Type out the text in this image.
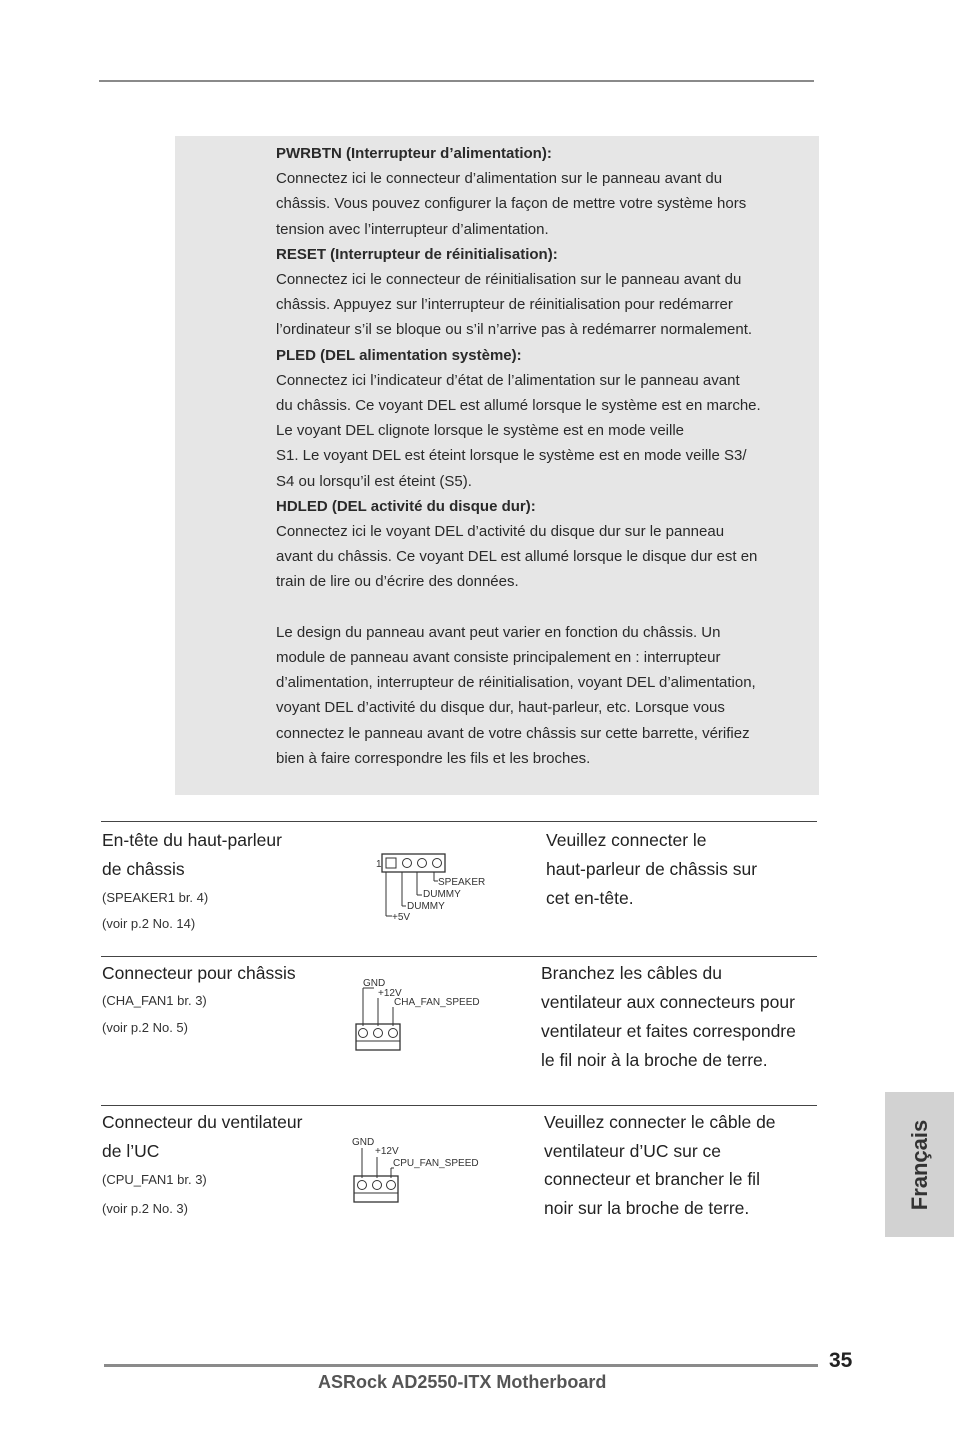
PWRBTN (Interrupteur d’alimentation):

Connectez ici le connecteur d’alimentation sur le panneau avant du

châssis. Vous pouvez configurer la façon de mettre votre système hors

tension avec l’interrupteur d’alimentation.

RESET (Interrupteur de réinitialisation):

Connectez ici le connecteur de réinitialisation sur le panneau avant du

châssis. Appuyez sur l’interrupteur de réinitialisation pour redémarrer

l’ordinateur s’il se bloque ou s’il n’arrive pas à redémarrer normalement.

PLED (DEL alimentation système):

Connectez ici l’indicateur d’état de l’alimentation sur le panneau avant

du châssis. Ce voyant DEL est allumé lorsque le système est en marche.

Le voyant DEL clignote lorsque le système est en mode veille

S1. Le voyant DEL est éteint lorsque le système est en mode veille S3/

S4 ou lorsqu’il est éteint (S5).

HDLED (DEL activité du disque dur):

Connectez ici le voyant DEL d’activité du disque dur sur le panneau

avant du châssis. Ce voyant DEL est allumé lorsque le disque dur est en

train de lire ou d’écrire des données.

Le design du panneau avant peut varier en fonction du châssis. Un

module de panneau avant consiste principalement en : interrupteur

d’alimentation, interrupteur de réinitialisation, voyant DEL d’alimentation,

voyant DEL d’activité du disque dur, haut-parleur, etc. Lorsque vous

connectez le panneau avant de votre châssis sur cette barrette, vérifiez

bien à faire correspondre les fils et les broches.

En-tête du haut-parleur
de châssis
(SPEAKER1 br. 4)
(voir p.2 No. 14)
1
SPEAKER
DUMMY
DUMMY
+5V
Veuillez connecter le
haut-parleur de châssis sur
cet en-tête.
Connecteur pour châssis
(CHA_FAN1 br. 3)
(voir p.2 No. 5)
GND
+12V
CHA_FAN_SPEED
Branchez les câbles du
ventilateur aux connecteurs pour
ventilateur et faites correspondre
le fil noir à la broche de terre.
Connecteur du ventilateur
de l’UC
(CPU_FAN1 br. 3)
(voir p.2 No. 3)
GND
+12V
CPU_FAN_SPEED
Veuillez connecter le câble de
ventilateur d’UC sur ce
connecteur et brancher le fil
noir sur la broche de terre.	Français
35
ASRock AD2550-ITX Motherboard
